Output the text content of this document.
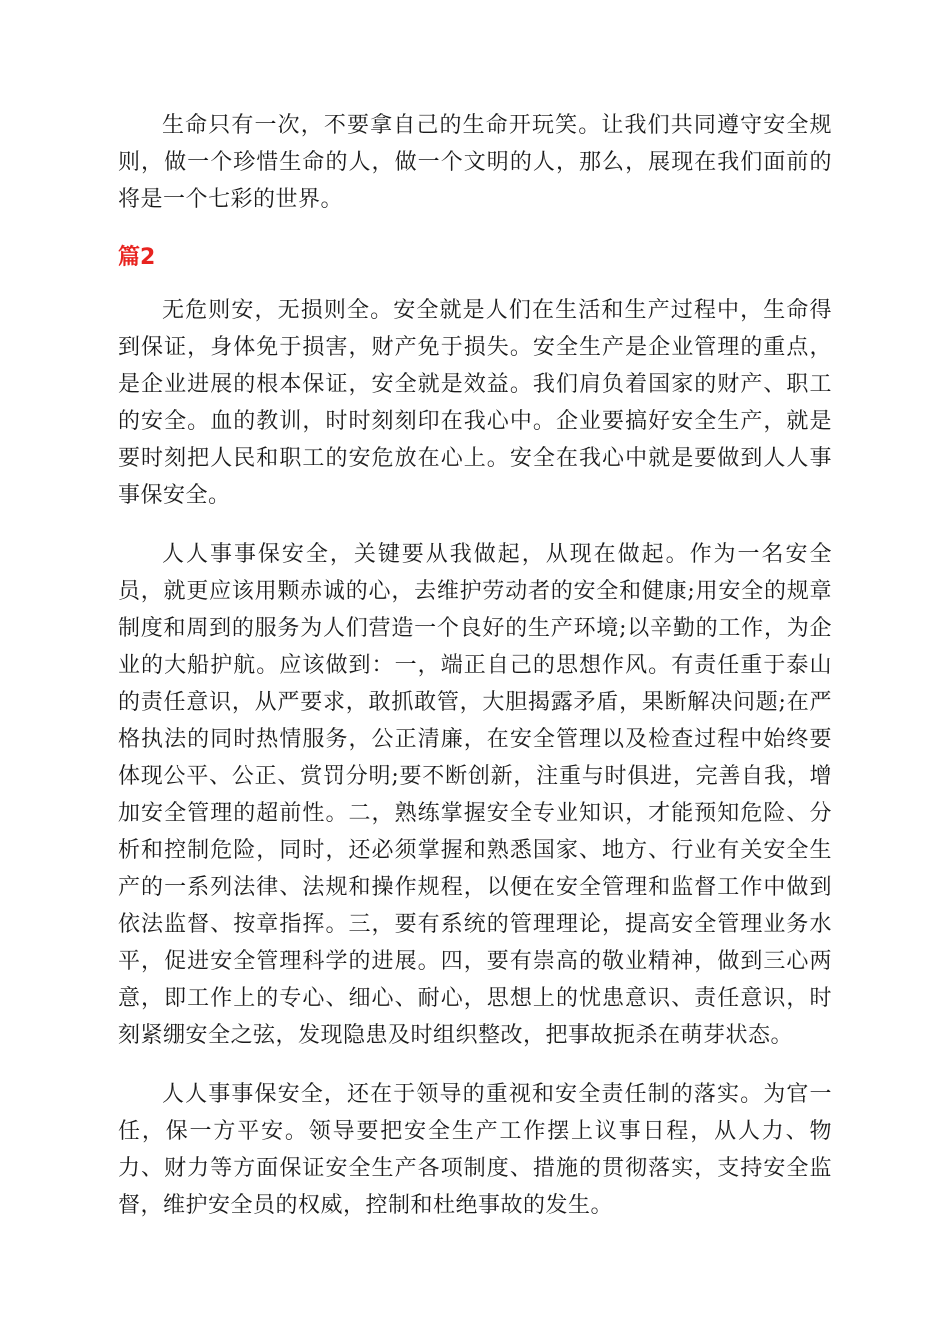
生命只有一次，不要拿自己的生命开玩笑。让我们共同遵守安全规则，做一个珍惜生命的人，做一个文明的人，那么，展现在我们面前的将是一个七彩的世界。

篇2

无危则安，无损则全。安全就是人们在生活和生产过程中，生命得到保证，身体免于损害，财产免于损失。安全生产是企业管理的重点，是企业进展的根本保证，安全就是效益。我们肩负着国家的财产、职工的安全。血的教训，时时刻刻印在我心中。企业要搞好安全生产，就是要时刻把人民和职工的安危放在心上。安全在我心中就是要做到人人事事保安全。

人人事事保安全，关键要从我做起，从现在做起。作为一名安全员，就更应该用颗赤诚的心，去维护劳动者的安全和健康;用安全的规章制度和周到的服务为人们营造一个良好的生产环境;以辛勤的工作，为企业的大船护航。应该做到：一，端正自己的思想作风。有责任重于泰山的责任意识，从严要求，敢抓敢管，大胆揭露矛盾，果断解决问题;在严格执法的同时热情服务，公正清廉，在安全管理以及检查过程中始终要体现公平、公正、赏罚分明;要不断创新，注重与时俱进，完善自我，增加安全管理的超前性。二，熟练掌握安全专业知识，才能预知危险、分析和控制危险，同时，还必须掌握和熟悉国家、地方、行业有关安全生产的一系列法律、法规和操作规程，以便在安全管理和监督工作中做到依法监督、按章指挥。三，要有系统的管理理论，提高安全管理业务水平，促进安全管理科学的进展。四，要有崇高的敬业精神，做到三心两意，即工作上的专心、细心、耐心，思想上的忧患意识、责任意识，时刻紧绷安全之弦，发现隐患及时组织整改，把事故扼杀在萌芽状态。

人人事事保安全，还在于领导的重视和安全责任制的落实。为官一任，保一方平安。领导要把安全生产工作摆上议事日程，从人力、物力、财力等方面保证安全生产各项制度、措施的贯彻落实，支持安全监督，维护安全员的权威，控制和杜绝事故的发生。
